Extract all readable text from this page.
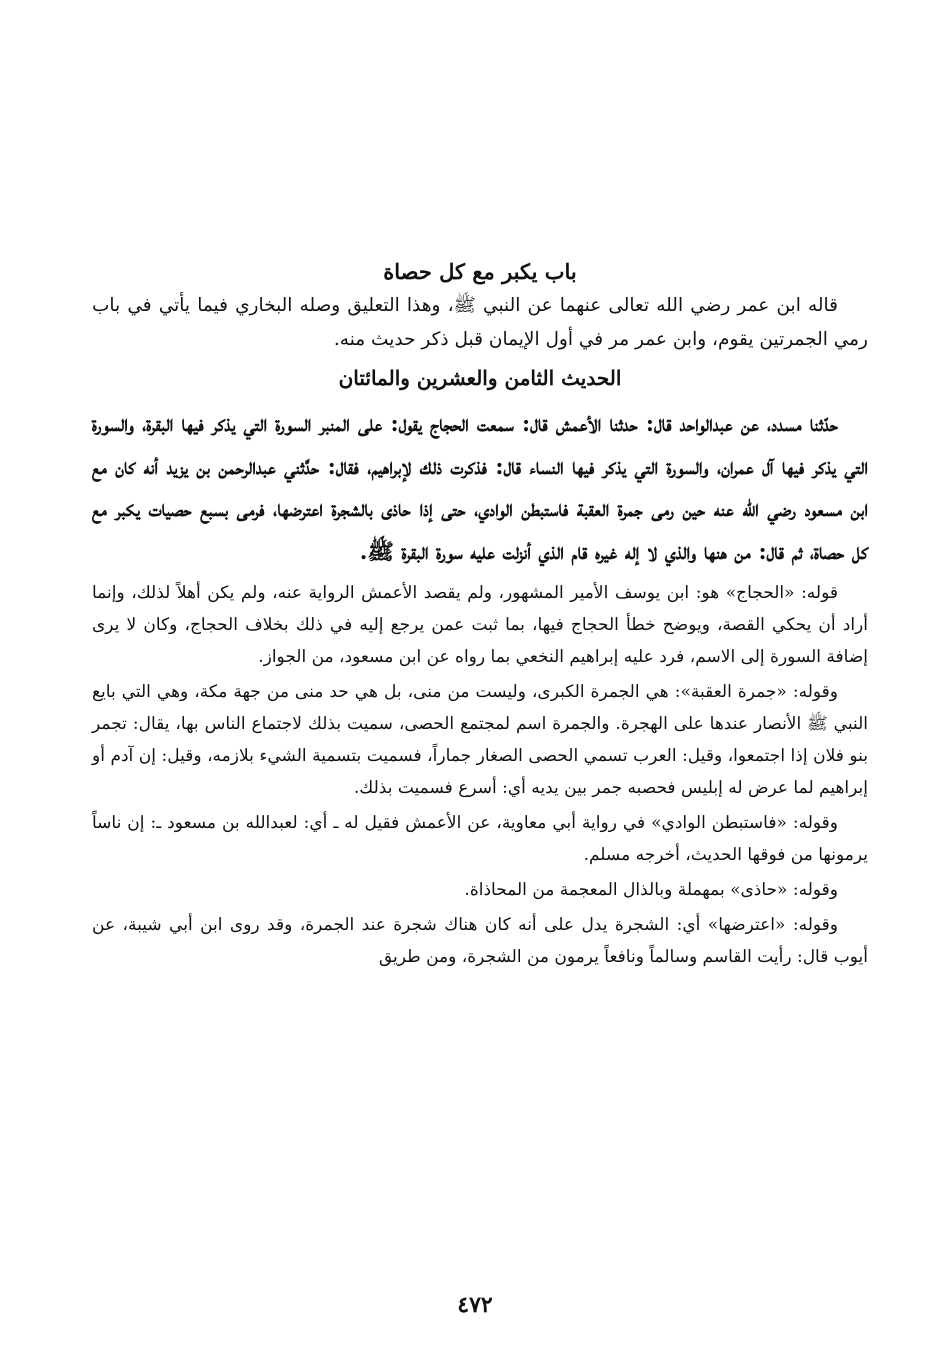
باب يكبر مع كل حصاة

قاله ابن عمر رضي الله تعالى عنهما عن النبي ﷺ، وهذا التعليق وصله البخاري فيما يأتي في باب رمي الجمرتين يقوم، وابن عمر مر في أول الإيمان قبل ذكر حديث منه.

الحديث الثامن والعشرين والمائتان

حدّثنا مسدد، عن عبدالواحد قال: حدثنا الأعمش قال: سمعت الحجاج يقول: على المنبر السورة التي يذكر فيها البقرة، والسورة التي يذكر فيها آل عمران، والسورة التي يذكر فيها النساء قال: فذكرت ذلك لإبراهيم، فقال: حدَّثني عبدالرحمن بن يزيد أنه كان مع ابن مسعود رضي الله عنه حين رمى جمرة العقبة فاستبطن الوادي، حتى إذا حاذى بالشجرة اعترضها، فرمى بسبع حصيات يكبر مع كل حصاة، ثم قال: من هنها والذي لا إله غيره قام الذي أنزلت عليه سورة البقرة ﷺ.

قوله: «الحجاج» هو: ابن يوسف الأمير المشهور، ولم يقصد الأعمش الرواية عنه، ولم يكن أهلاً لذلك، وإنما أراد أن يحكي القصة، ويوضح خطأ الحجاج فيها، بما ثبت عمن يرجع إليه في ذلك بخلاف الحجاج، وكان لا يرى إضافة السورة إلى الاسم، فرد عليه إبراهيم النخعي بما رواه عن ابن مسعود، من الجواز.

وقوله: «جمرة العقبة»: هي الجمرة الكبرى، وليست من منى، بل هي حد منى من جهة مكة، وهي التي بايع النبي ﷺ الأنصار عندها على الهجرة. والجمرة اسم لمجتمع الحصى، سميت بذلك لاجتماع الناس بها، يقال: تجمر بنو فلان إذا اجتمعوا، وقيل: العرب تسمي الحصى الصغار جماراً، فسميت بتسمية الشيء بلازمه، وقيل: إن آدم أو إبراهيم لما عرض له إبليس فحصبه جمر بين يديه أي: أسرع فسميت بذلك.

وقوله: «فاستبطن الوادي» في رواية أبي معاوية، عن الأعمش فقيل له ـ أي: لعبدالله بن مسعود ـ: إن ناساً يرمونها من فوقها الحديث، أخرجه مسلم.

وقوله: «حاذى» بمهملة وبالذال المعجمة من المحاذاة.

وقوله: «اعترضها» أي: الشجرة يدل على أنه كان هناك شجرة عند الجمرة، وقد روى ابن أبي شيبة، عن أيوب قال: رأيت القاسم وسالماً ونافعاً يرمون من الشجرة، ومن طريق

٤٧٢
